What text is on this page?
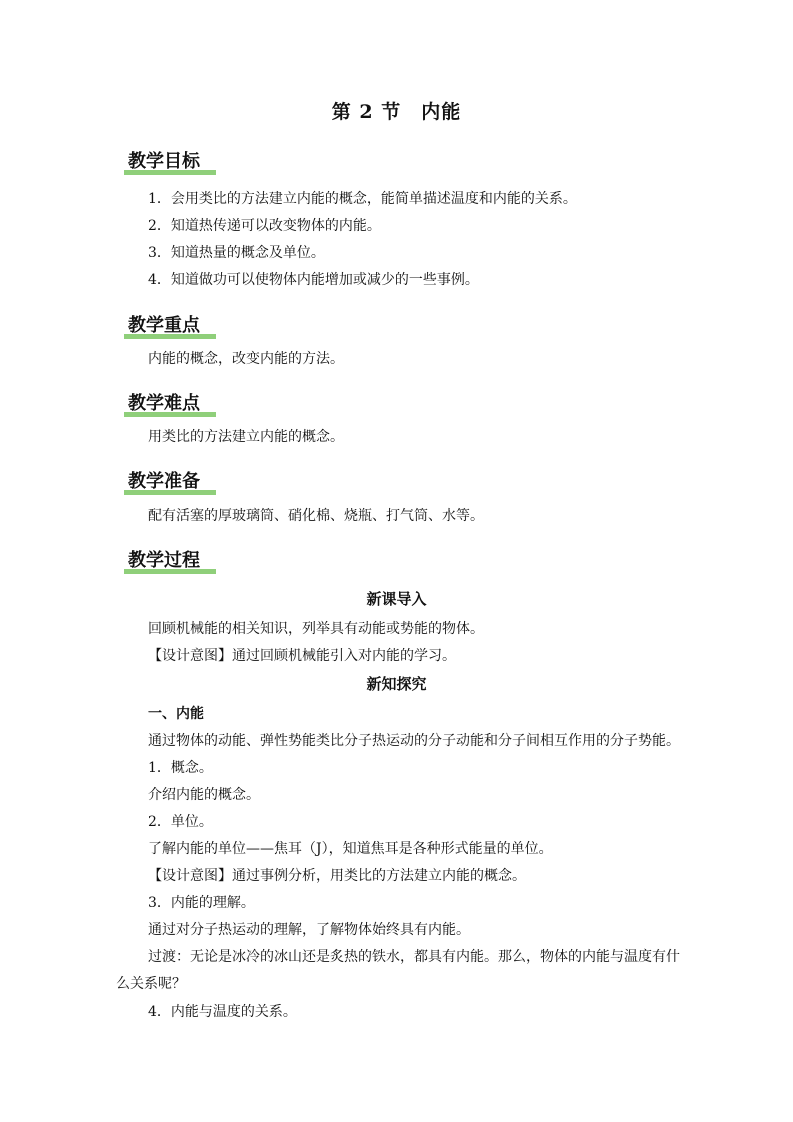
第 2 节　内能
教学目标
1．会用类比的方法建立内能的概念，能简单描述温度和内能的关系。
2．知道热传递可以改变物体的内能。
3．知道热量的概念及单位。
4．知道做功可以使物体内能增加或减少的一些事例。
教学重点
内能的概念，改变内能的方法。
教学难点
用类比的方法建立内能的概念。
教学准备
配有活塞的厚玻璃筒、硝化棉、烧瓶、打气筒、水等。
教学过程
新课导入
回顾机械能的相关知识，列举具有动能或势能的物体。
【设计意图】通过回顾机械能引入对内能的学习。
新知探究
一、内能
通过物体的动能、弹性势能类比分子热运动的分子动能和分子间相互作用的分子势能。
1．概念。
介绍内能的概念。
2．单位。
了解内能的单位——焦耳（J），知道焦耳是各种形式能量的单位。
【设计意图】通过事例分析，用类比的方法建立内能的概念。
3．内能的理解。
通过对分子热运动的理解，了解物体始终具有内能。
过渡：无论是冰冷的冰山还是炙热的铁水，都具有内能。那么，物体的内能与温度有什
么关系呢？
4．内能与温度的关系。
